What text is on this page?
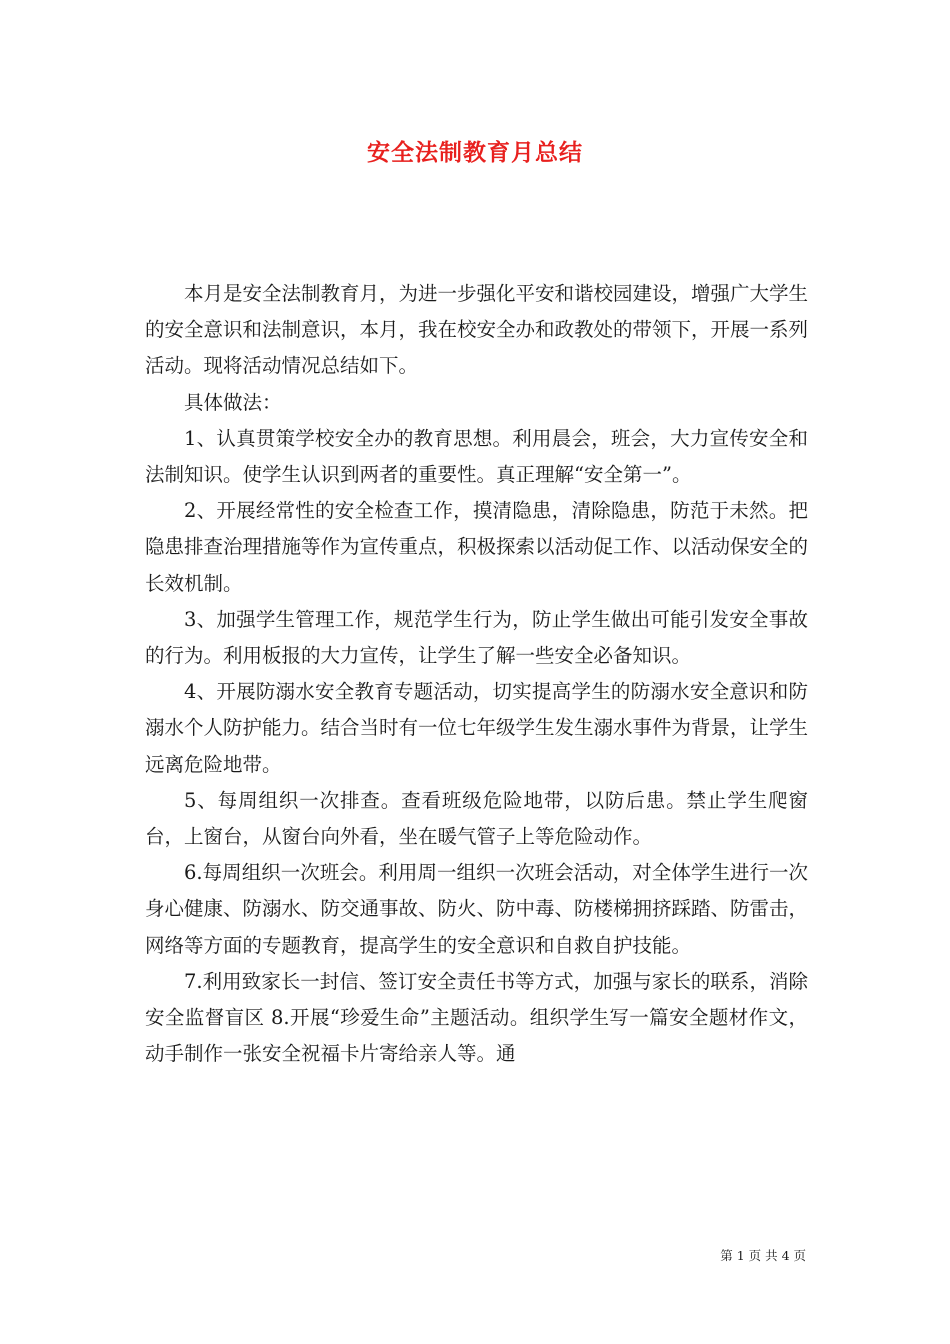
安全法制教育月总结

本月是安全法制教育月，为进一步强化平安和谐校园建设，增强广大学生的安全意识和法制意识，本月，我在校安全办和政教处的带领下，开展一系列活动。现将活动情况总结如下。

具体做法：

1、认真贯策学校安全办的教育思想。利用晨会，班会，大力宣传安全和法制知识。使学生认识到两者的重要性。真正理解“安全第一”。

2、开展经常性的安全检查工作，摸清隐患，清除隐患，防范于未然。把隐患排查治理措施等作为宣传重点，积极探索以活动促工作、以活动保安全的长效机制。

3、加强学生管理工作，规范学生行为，防止学生做出可能引发安全事故的行为。利用板报的大力宣传，让学生了解一些安全必备知识。

4、开展防溺水安全教育专题活动，切实提高学生的防溺水安全意识和防溺水个人防护能力。结合当时有一位七年级学生发生溺水事件为背景，让学生远离危险地带。

5、每周组织一次排查。查看班级危险地带，以防后患。禁止学生爬窗台，上窗台，从窗台向外看，坐在暖气管子上等危险动作。

6.每周组织一次班会。利用周一组织一次班会活动，对全体学生进行一次身心健康、防溺水、防交通事故、防火、防中毒、防楼梯拥挤踩踏、防雷击，网络等方面的专题教育，提高学生的安全意识和自救自护技能。

7.利用致家长一封信、签订安全责任书等方式，加强与家长的联系，消除安全监督盲区 8.开展“珍爱生命”主题活动。组织学生写一篇安全题材作文，动手制作一张安全祝福卡片寄给亲人等。通

第 1 页 共 4 页
